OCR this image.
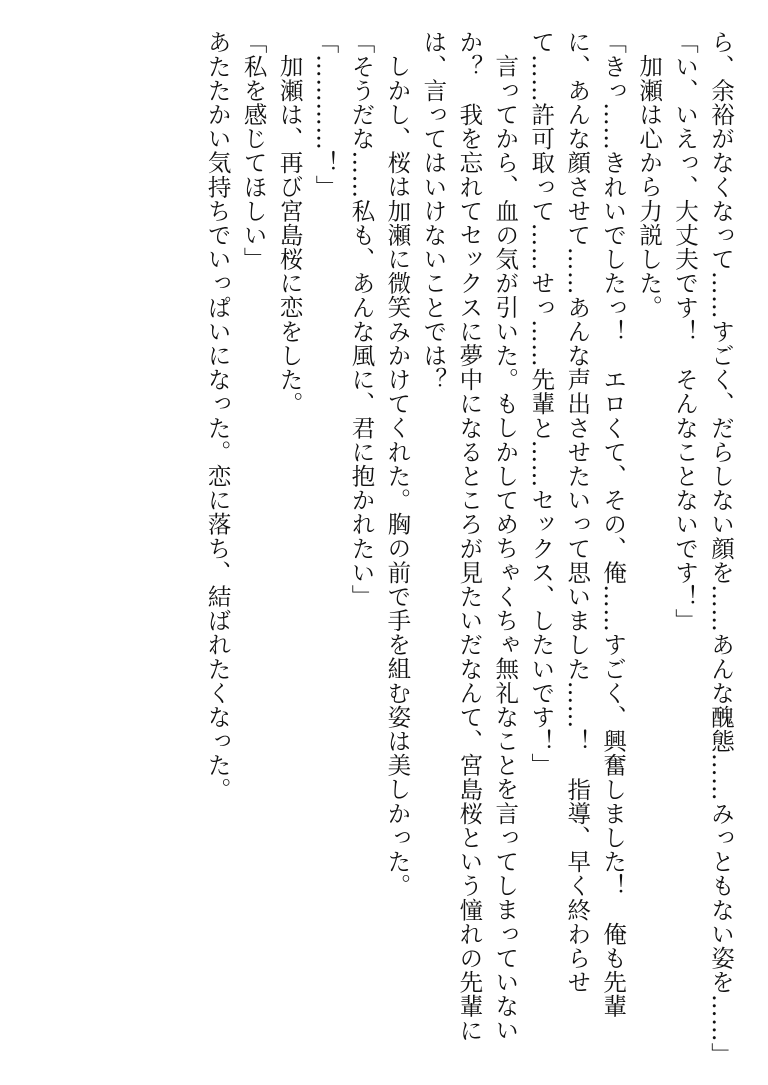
ら、余裕がなくなって……すごく、だらしない顔を……あんな醜態……みっともない姿を……」

「い、いえっ、大丈夫です！　そんなことないです！」

加瀬は心から力説した。

「きっ……きれいでしたっ！　エロくて、その、俺……すごく、興奮しました！　俺も先輩に、あんな顔させて……あんな声出させたいって思いました……！　指導、早く終わらせて……許可取って……せっ……先輩と……セックス、したいです！」

言ってから、血の気が引いた。もしかしてめちゃくちゃ無礼なことを言ってしまっていないか？　我を忘れてセックスに夢中になるところが見たいだなんて、宮島桜という憧れの先輩には、言ってはいけないことでは？

しかし、桜は加瀬に微笑みかけてくれた。胸の前で手を組む姿は美しかった。

「そうだな……私も、あんな風に、君に抱かれたい」

「…………！」

加瀬は、再び宮島桜に恋をした。

「私を感じてほしい」

あたたかい気持ちでいっぱいになった。恋に落ち、結ばれたくなった。
